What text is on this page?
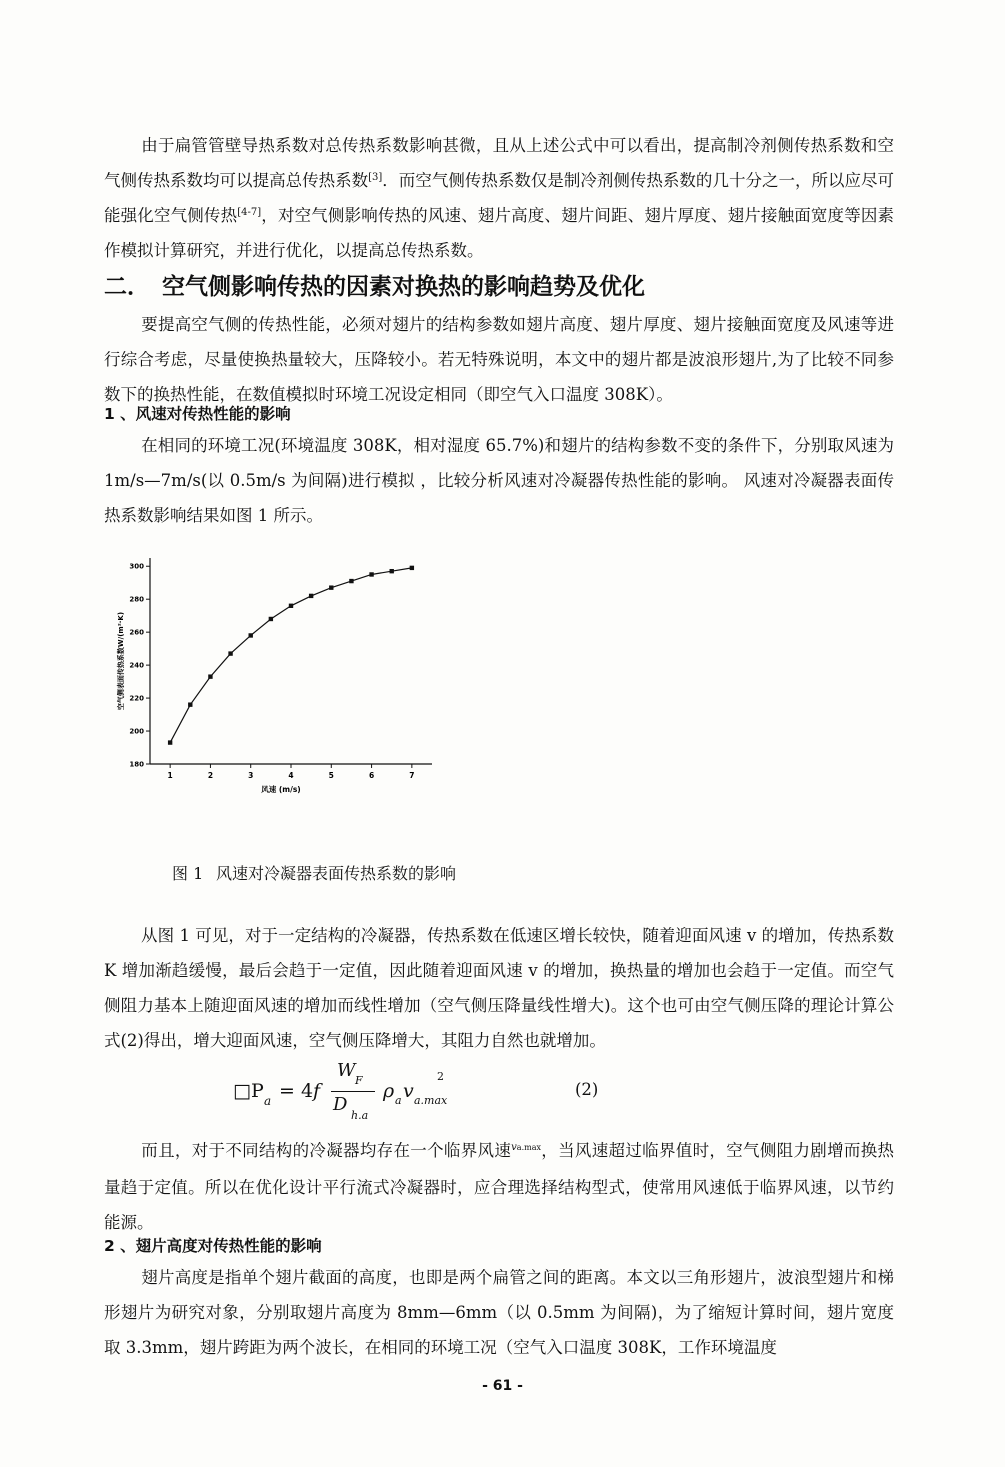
由于扁管管壁导热系数对总传热系数影响甚微，且从上述公式中可以看出，提高制冷剂侧传热系数和空气侧传热系数均可以提高总传热系数[3]．而空气侧传热系数仅是制冷剂侧传热系数的几十分之一，所以应尽可能强化空气侧传热[4-7]，对空气侧影响传热的风速、翅片高度、翅片间距、翅片厚度、翅片接触面宽度等因素作模拟计算研究，并进行优化，以提高总传热系数。

二． 空气侧影响传热的因素对换热的影响趋势及优化

要提高空气侧的传热性能，必须对翅片的结构参数如翅片高度、翅片厚度、翅片接触面宽度及风速等进行综合考虑，尽量使换热量较大，压降较小。若无特殊说明，本文中的翅片都是波浪形翅片,为了比较不同参数下的换热性能，在数值模拟时环境工况设定相同（即空气入口温度 308K）。

1 、风速对传热性能的影响

在相同的环境工况(环境温度 308K，相对湿度 65.7%)和翅片的结构参数不变的条件下，分别取风速为 1m/s—7m/s(以 0.5m/s 为间隔)进行模拟 ，比较分析风速对冷凝器传热性能的影响。 风速对冷凝器表面传热系数影响结果如图 1 所示。

180
200
220
240
260
280
300
1	2	3	4	5	6	7
风速 (m/s)
空气侧表面传热系数W/(m²·K)
图 1 风速对冷凝器表面传热系数的影响

从图 1 可见，对于一定结构的冷凝器，传热系数在低速区增长较快，随着迎面风速 v 的增加，传热系数 K 增加渐趋缓慢，最后会趋于一定值，因此随着迎面风速 v 的增加，换热量的增加也会趋于一定值。而空气侧阻力基本上随迎面风速的增加而线性增加（空气侧压降量线性增大)。这个也可由空气侧压降的理论计算公式(2)得出，增大迎面风速，空气侧压降增大，其阻力自然也就增加。

□P a = 4 f
W F
D
h.a
ρ a v a.max
2
(2)

而且，对于不同结构的冷凝器均存在一个临界风速$^{va.max}$，当风速超过临界值时，空气侧阻力剧增而换热量趋于定值。所以在优化设计平行流式冷凝器时，应合理选择结构型式，使常用风速低于临界风速，以节约能源。

2 、翅片高度对传热性能的影响

翅片高度是指单个翅片截面的高度，也即是两个扁管之间的距离。本文以三角形翅片，波浪型翅片和梯形翅片为研究对象，分别取翅片高度为 8mm—6mm（以 0.5mm 为间隔)，为了缩短计算时间，翅片宽度取 3.3mm，翅片跨距为两个波长，在相同的环境工况（空气入口温度 308K，工作环境温度

- 61 -
